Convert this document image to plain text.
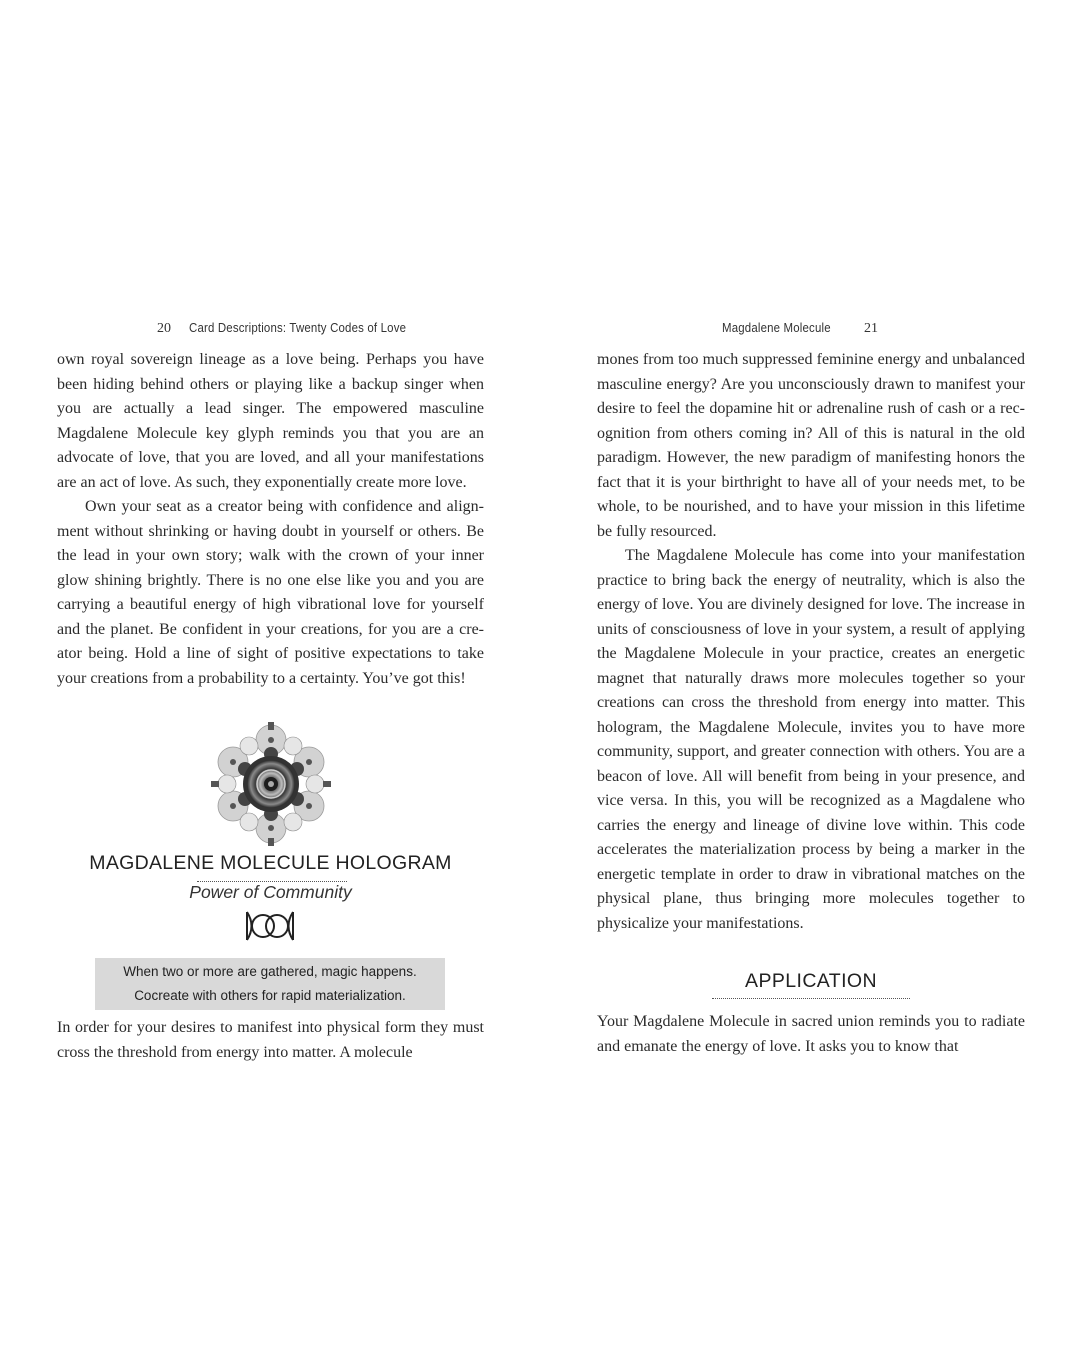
20 Card Descriptions: Twenty Codes of Love

own royal sovereign lineage as a love being. Perhaps you have been hiding behind others or playing like a backup singer when you are actually a lead singer. The empowered masculine Magdalene Molecule key glyph reminds you that you are an advocate of love, that you are loved, and all your manifestations are an act of love. As such, they exponentially create more love.

Own your seat as a creator being with confidence and alignment without shrinking or having doubt in yourself or others. Be the lead in your own story; walk with the crown of your inner glow shining brightly. There is no one else like you and you are carrying a beautiful energy of high vibrational love for yourself and the planet. Be confident in your creations, for you are a creator being. Hold a line of sight of positive expectations to take your creations from a probability to a certainty. You’ve got this!

MAGDALENE MOLECULE HOLOGRAM
Power of Community
When two or more are gathered, magic happens.
Cocreate with others for rapid materialization.

In order for your desires to manifest into physical form they must cross the threshold from energy into matter. A molecule

Magdalene Molecule 21

mones from too much suppressed feminine energy and unbalanced masculine energy? Are you unconsciously drawn to manifest your desire to feel the dopamine hit or adrenaline rush of cash or a recognition from others coming in? All of this is natural in the old paradigm. However, the new paradigm of manifesting honors the fact that it is your birthright to have all of your needs met, to be whole, to be nourished, and to have your mission in this lifetime be fully resourced.

The Magdalene Molecule has come into your manifestation practice to bring back the energy of neutrality, which is also the energy of love. You are divinely designed for love. The increase in units of consciousness of love in your system, a result of applying the Magdalene Molecule in your practice, creates an energetic magnet that naturally draws more molecules together so your creations can cross the threshold from energy into matter. This hologram, the Magdalene Molecule, invites you to have more community, support, and greater connection with others. You are a beacon of love. All will benefit from being in your presence, and vice versa. In this, you will be recognized as a Magdalene who carries the energy and lineage of divine love within. This code accelerates the materialization process by being a marker in the energetic template in order to draw in vibrational matches on the physical plane, thus bringing more molecules together to physicalize your manifestations.

APPLICATION

Your Magdalene Molecule in sacred union reminds you to radiate and emanate the energy of love. It asks you to know that
